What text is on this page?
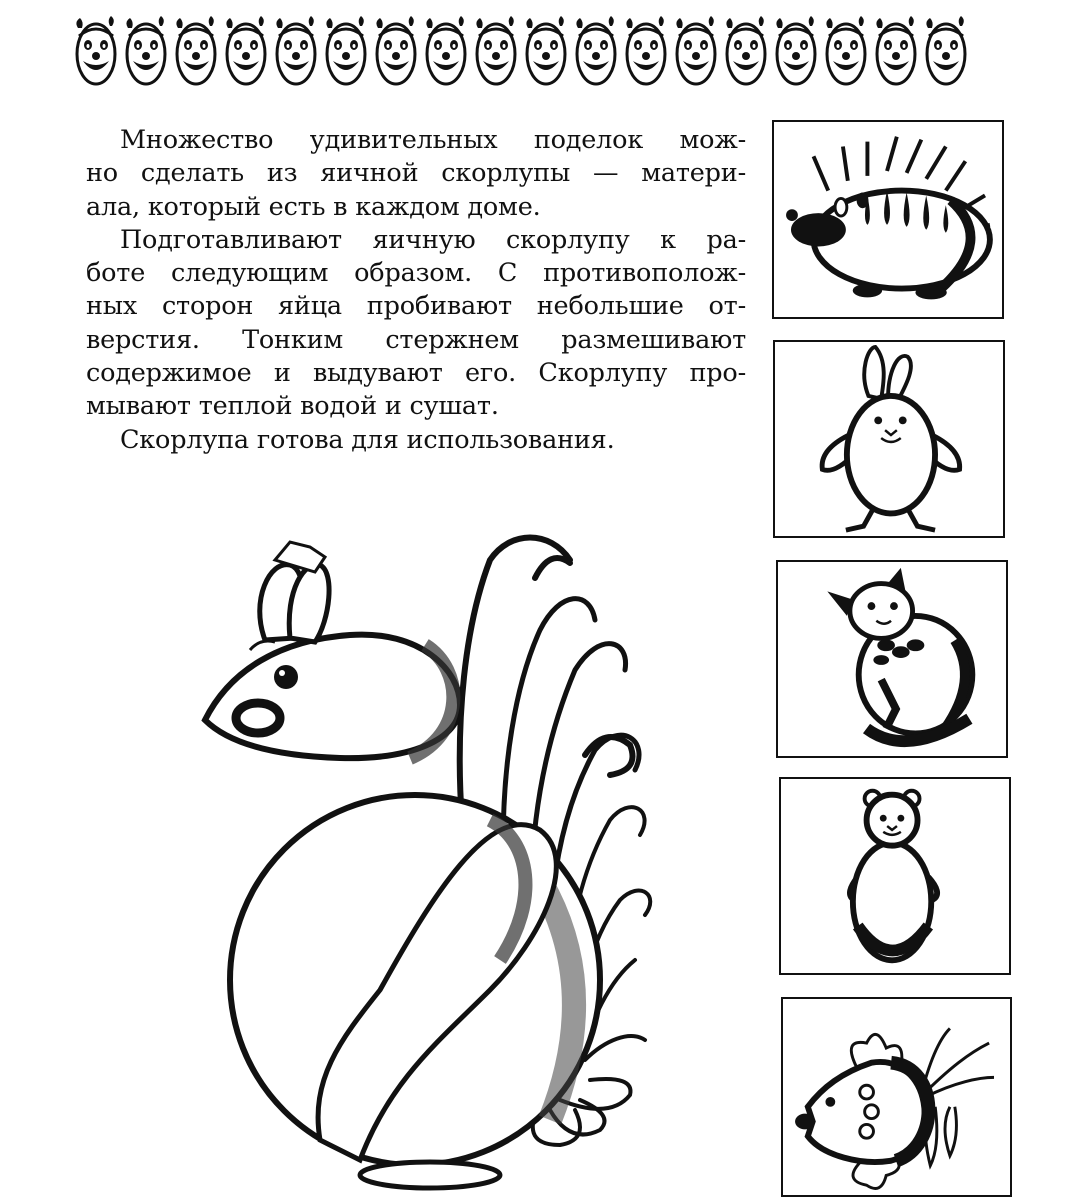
Множество удивительных поделок мож-
но сделать из яичной скорлупы — матери-
ала, который есть в каждом доме.
Подготавливают яичную скорлупу к ра-
боте следующим образом. С противополож-
ных сторон яйца пробивают небольшие от-
верстия. Тонким стержнем размешивают
содержимое и выдувают его. Скорлупу про-
мывают теплой водой и сушат.
Скорлупа готова для использования.
